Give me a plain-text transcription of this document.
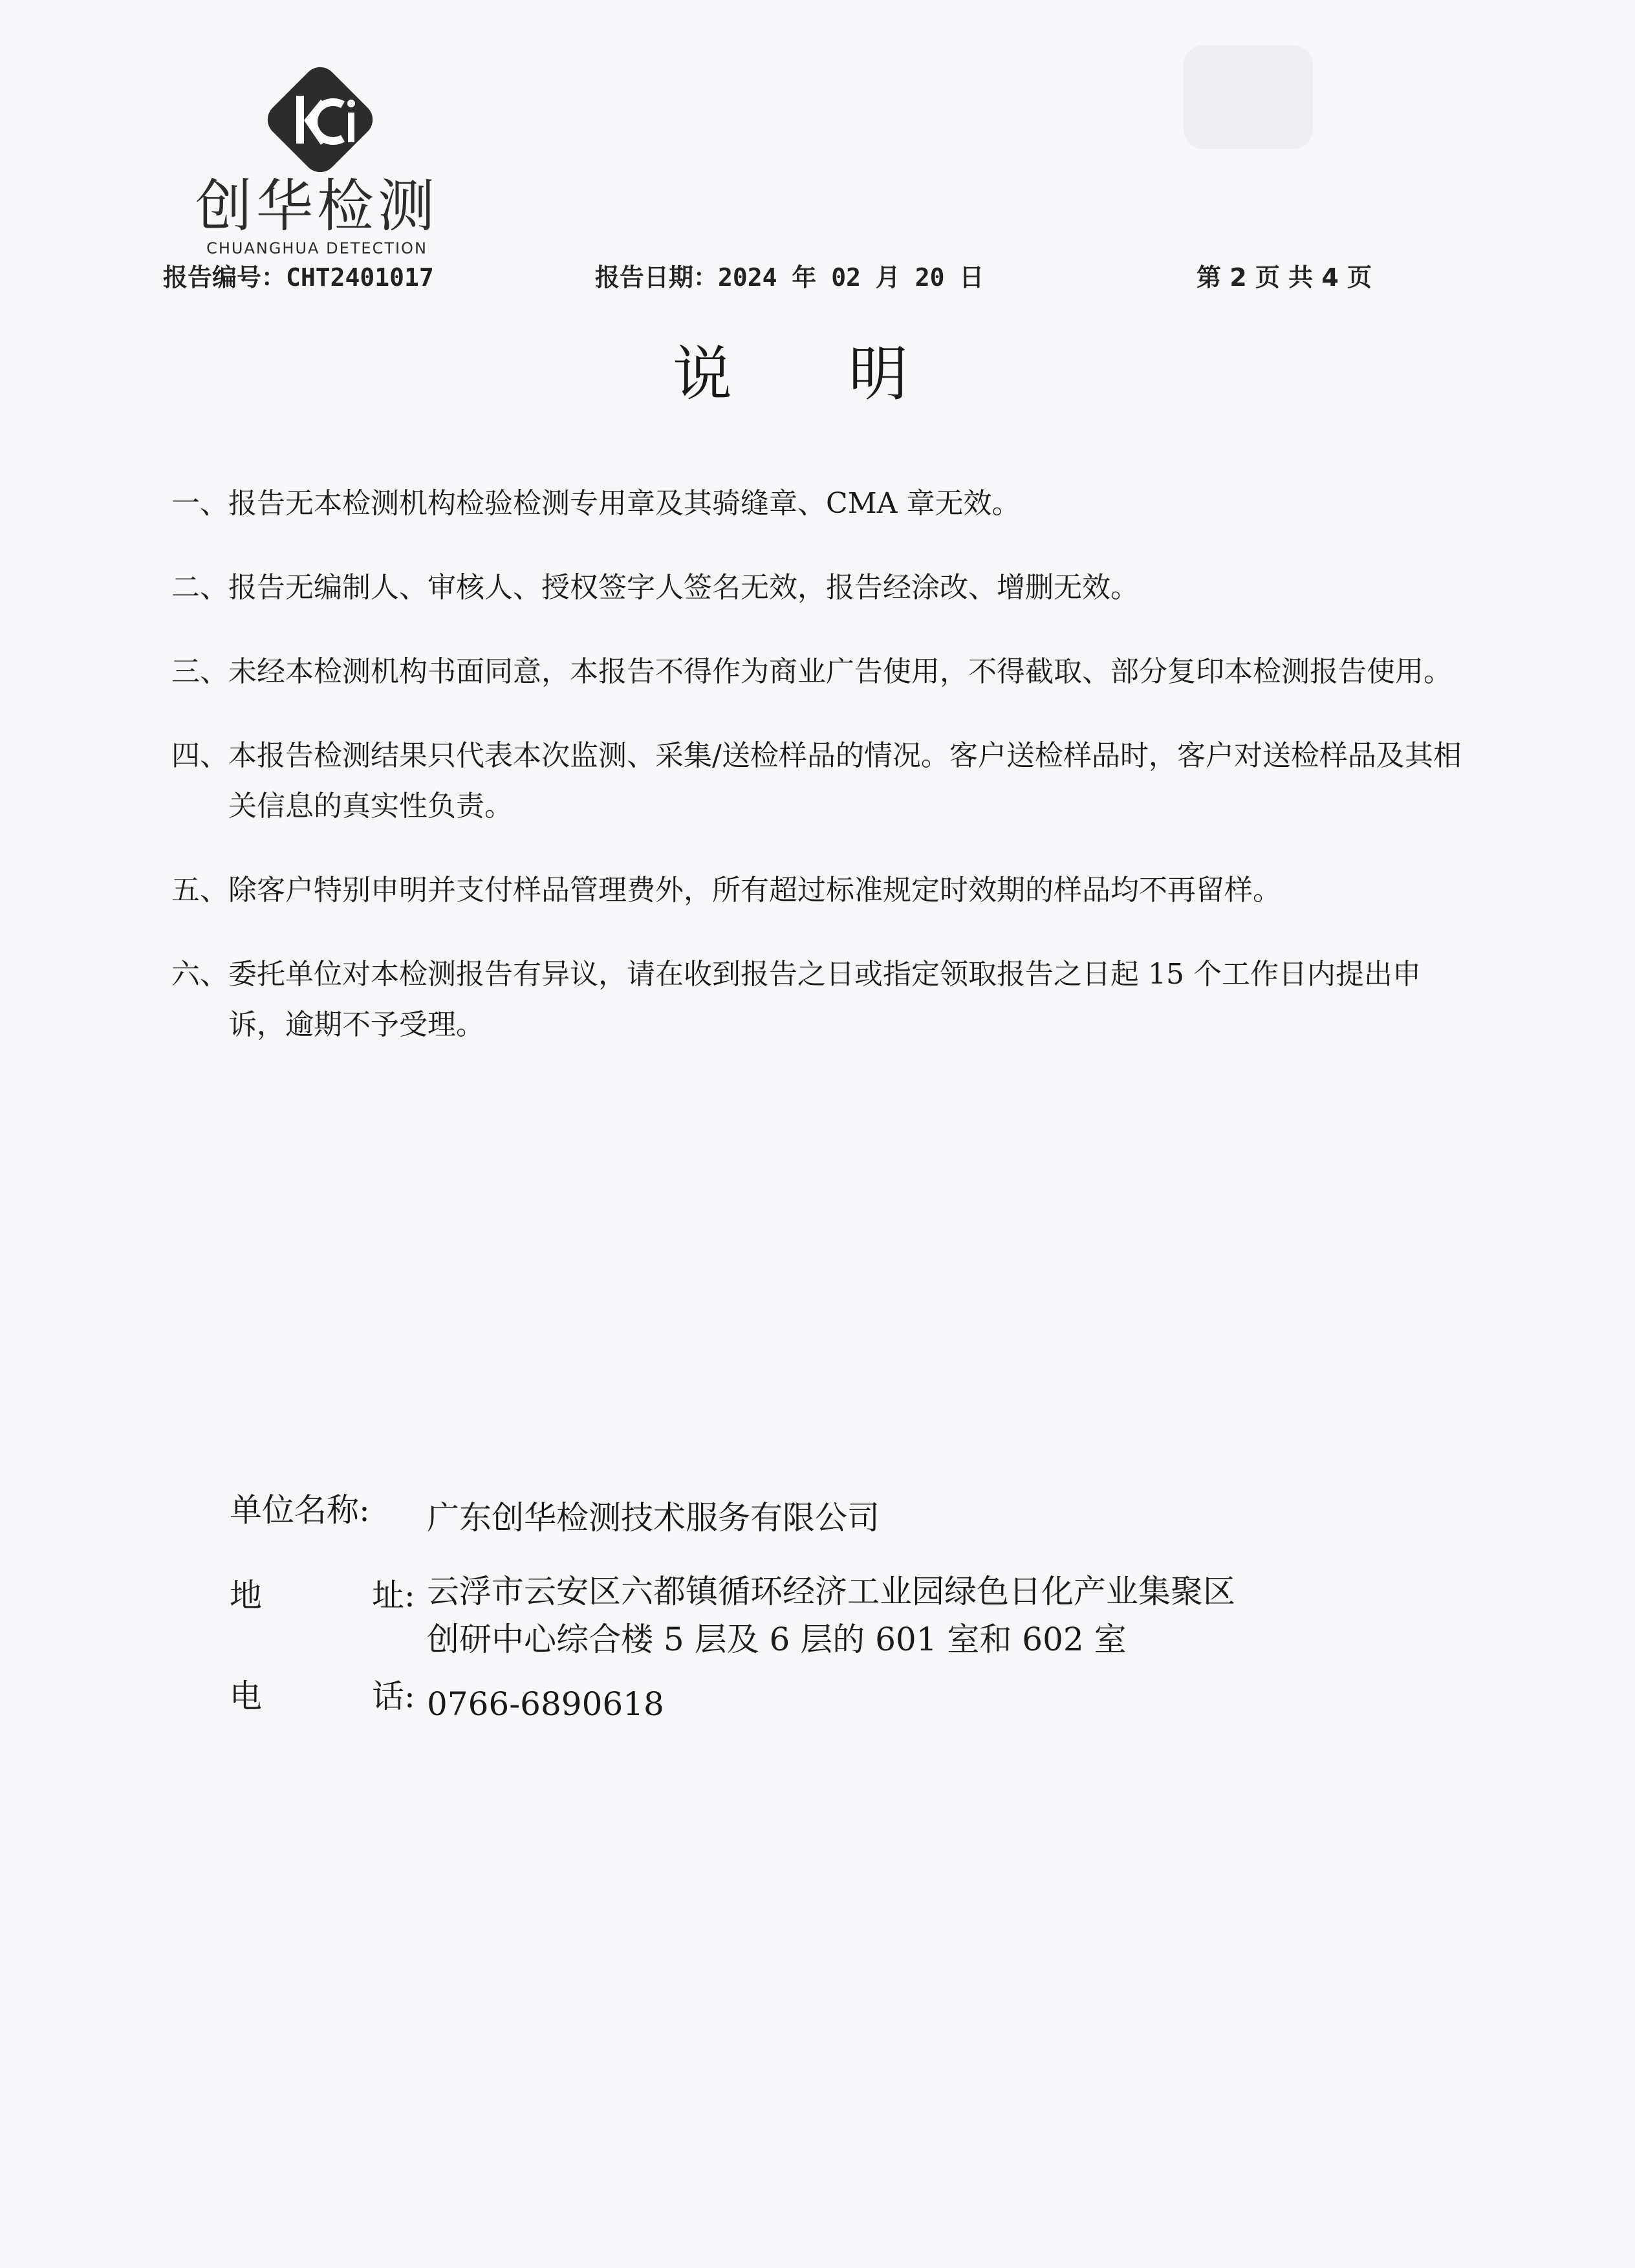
创华检测
CHUANGHUA DETECTION
报告编号：CHT2401017	报告日期：2024 年 02 月 20 日	第 2 页 共 4 页
说明
一、 报告无本检测机构检验检测专用章及其骑缝章、CMA 章无效。
二、 报告无编制人、审核人、授权签字人签名无效，报告经涂改、增删无效。
三、 未经本检测机构书面同意，本报告不得作为商业广告使用，不得截取、部分复印本检测报告使用。
四、 本报告检测结果只代表本次监测、采集/送检样品的情况。客户送检样品时，客户对送检样品及其相关信息的真实性负责。
五、 除客户特别申明并支付样品管理费外，所有超过标准规定时效期的样品均不再留样。
六、 委托单位对本检测报告有异议，请在收到报告之日或指定领取报告之日起 15 个工作日内提出申诉，逾期不予受理。
单位名称:	广东创华检测技术服务有限公司
地	址: 云浮市云安区六都镇循环经济工业园绿色日化产业集聚区
创研中心综合楼 5 层及 6 层的 601 室和 602 室
电	话: 0766-6890618
